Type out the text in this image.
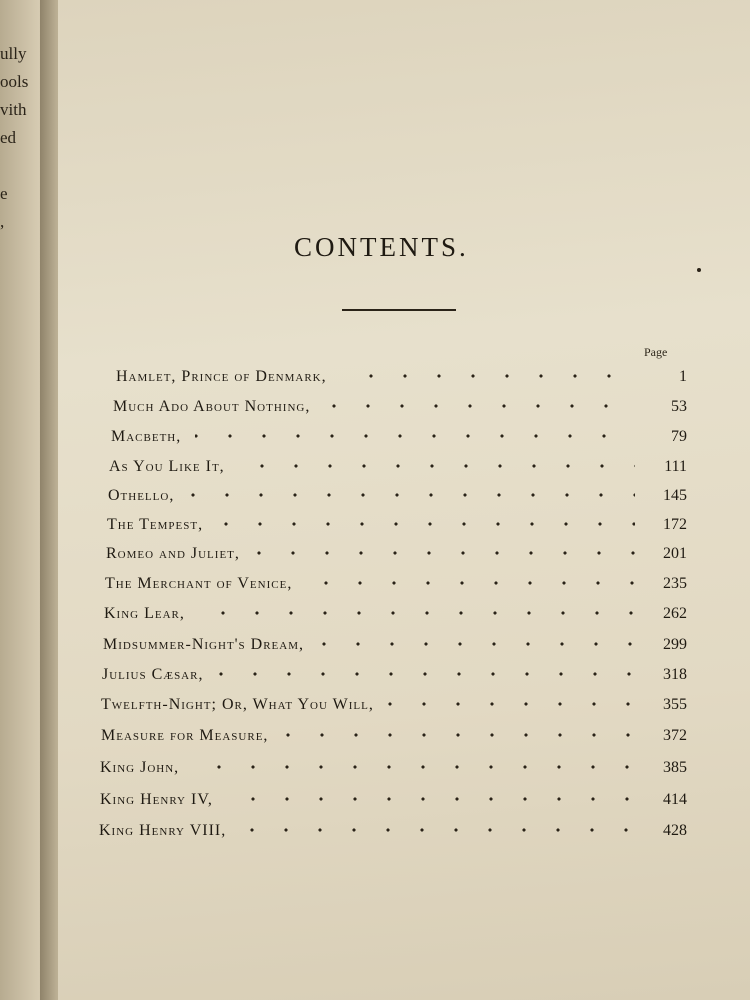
ully
ools
vith
ed
e
,
CONTENTS.
Page
Hamlet, Prince of Denmark,	1
Much Ado About Nothing,	53
Macbeth,	79
As You Like It,	111
Othello,	145
The Tempest,	172
Romeo and Juliet,	201
The Merchant of Venice,	235
King Lear,	262
Midsummer-Night's Dream,	299
Julius Cæsar,	318
Twelfth-Night; Or, What You Will,	355
Measure for Measure,	372
King John,	385
King Henry IV,	414
King Henry VIII,	428
